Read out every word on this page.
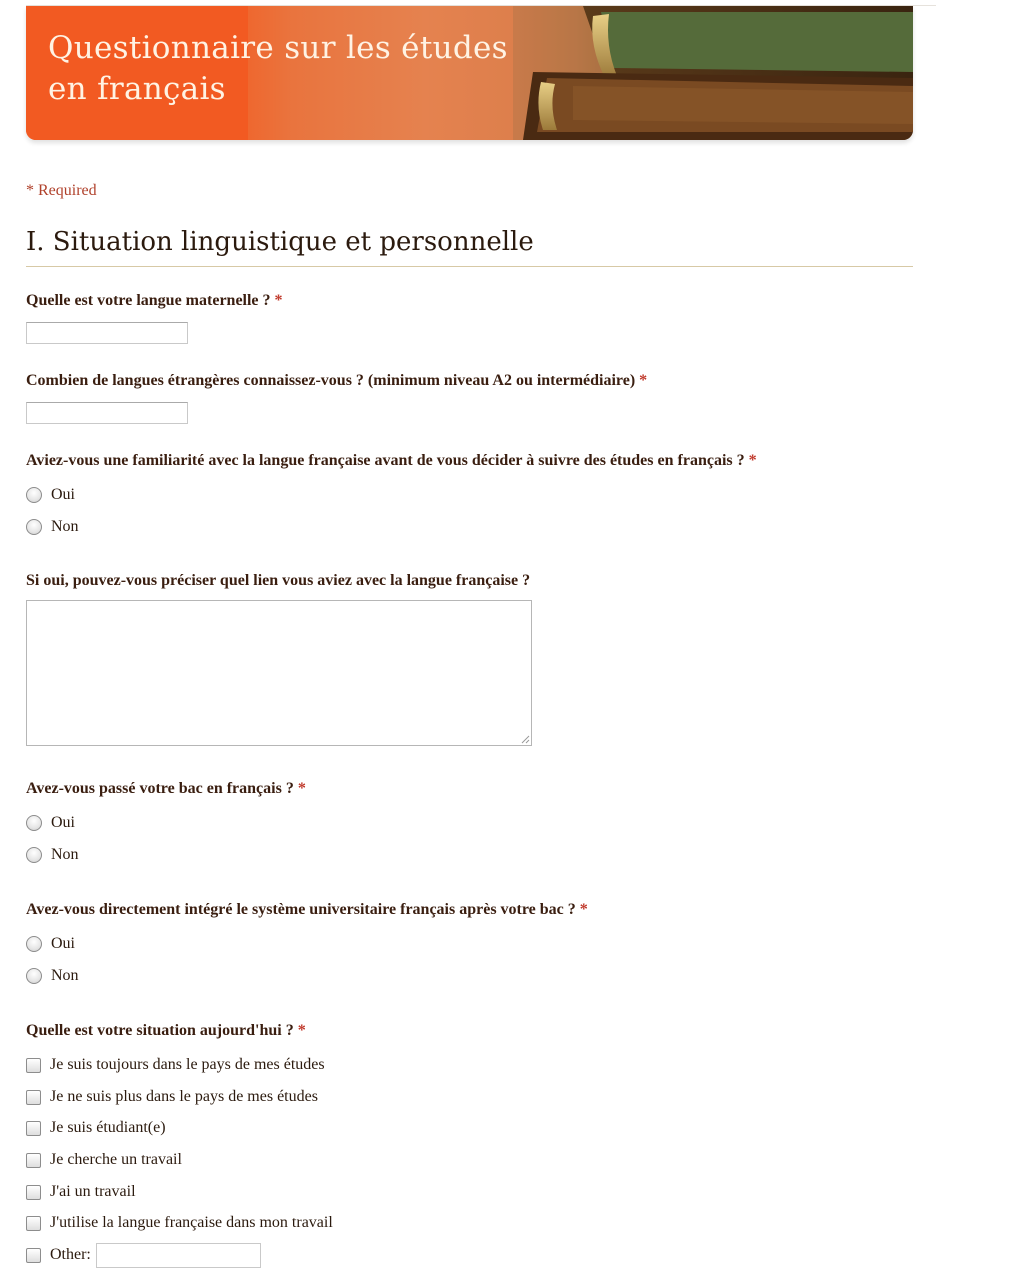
Questionnaire sur les études
en français
* Required
I. Situation linguistique et personnelle
Quelle est votre langue maternelle ? *
Combien de langues étrangères connaissez-vous ? (minimum niveau A2 ou intermédiaire) *
Aviez-vous une familiarité avec la langue française avant de vous décider à suivre des études en français ? *
Oui
Non
Si oui, pouvez-vous préciser quel lien vous aviez avec la langue française ?
Avez-vous passé votre bac en français ? *
Oui
Non
Avez-vous directement intégré le système universitaire français après votre bac ? *
Oui
Non
Quelle est votre situation aujourd'hui ? *
Je suis toujours dans le pays de mes études
Je ne suis plus dans le pays de mes études
Je suis étudiant(e)
Je cherche un travail
J'ai un travail
J'utilise la langue française dans mon travail
Other:
